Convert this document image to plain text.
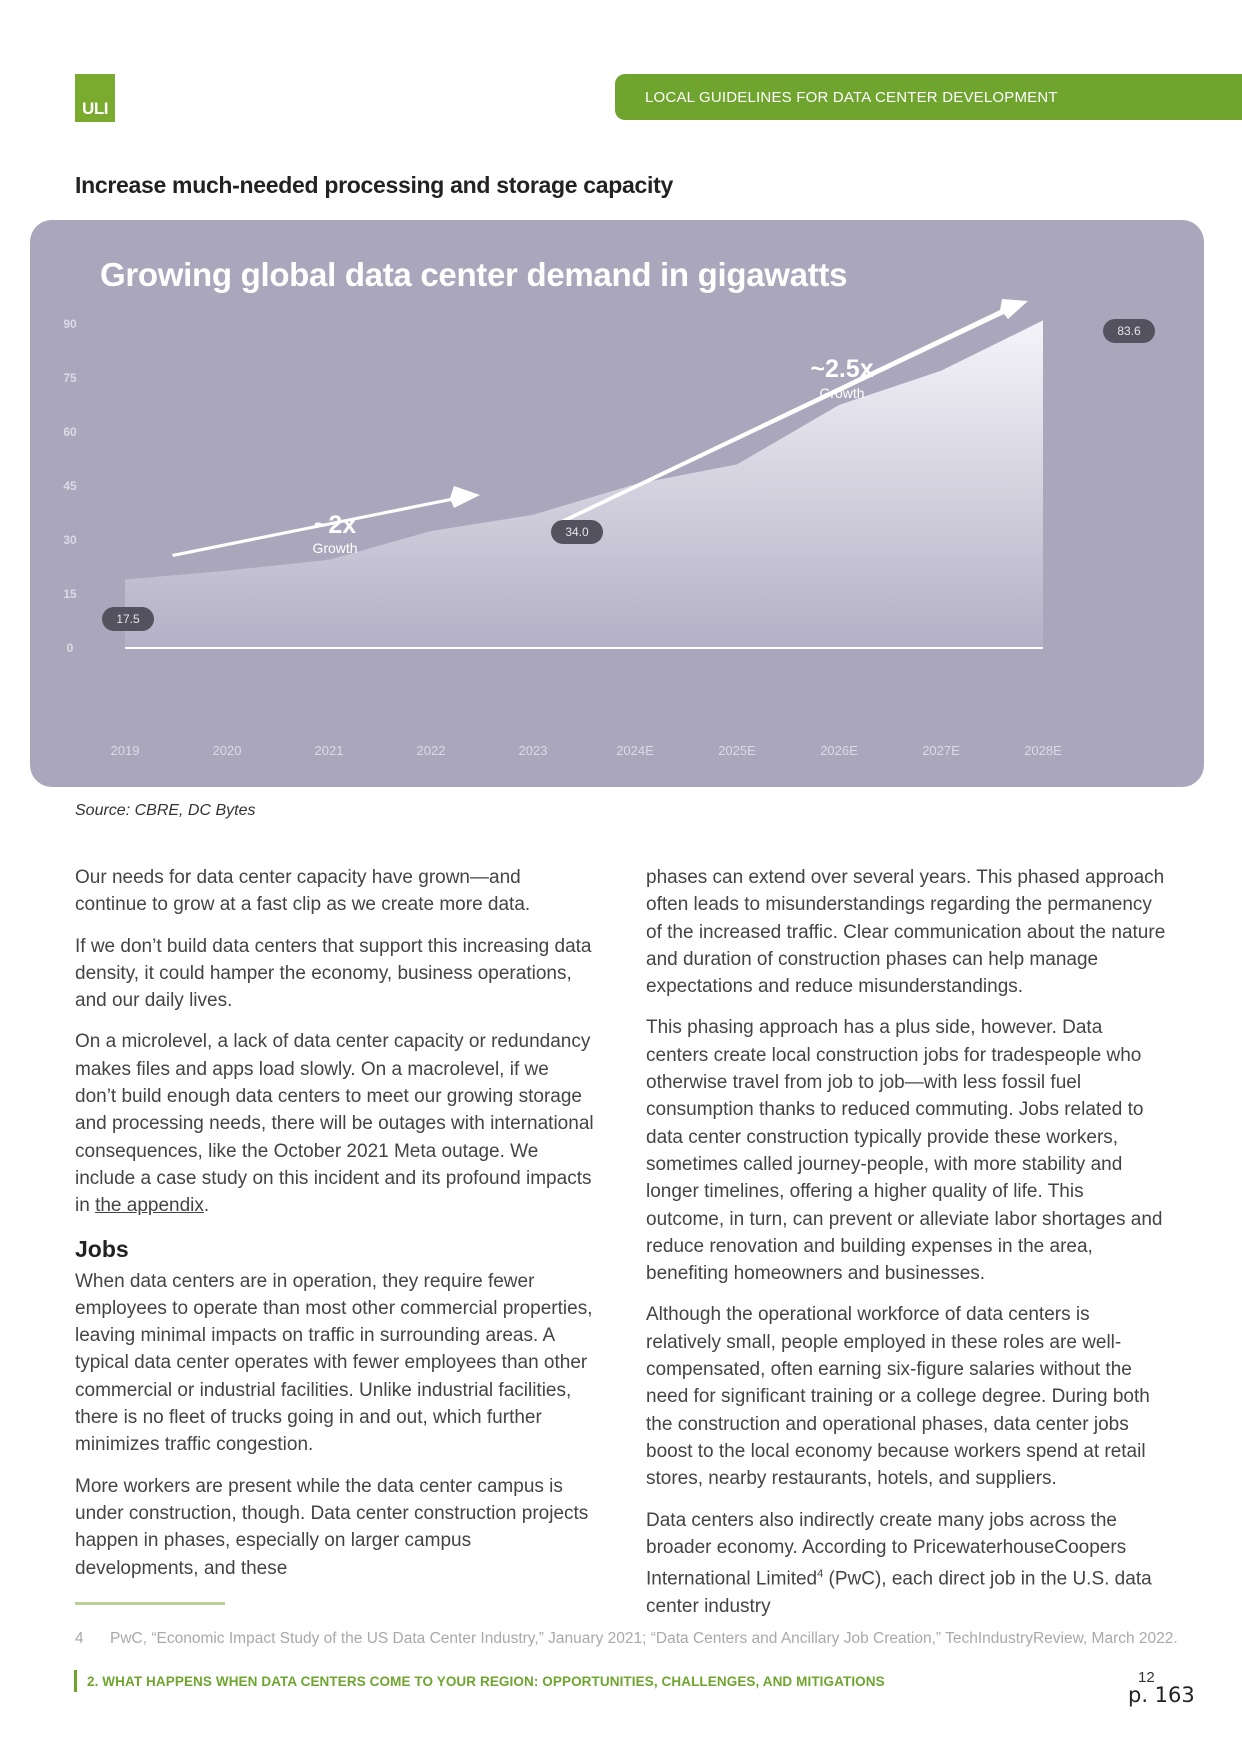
ULI
LOCAL GUIDELINES FOR DATA CENTER DEVELOPMENT
Increase much-needed processing and storage capacity
Growing global data center demand in gigawatts
0
15
30
45
60
75
90
2019	2020	2021	2022	2023	2024E	2025E	2026E	2027E	2028E
17.5
34.0
83.6
~2x
Growth
~2.5x
Growth
Source: CBRE, DC Bytes

Our needs for data center capacity have grown—and continue to grow at a fast clip as we create more data.

If we don’t build data centers that support this increasing data density, it could hamper the economy, business operations, and our daily lives.

On a microlevel, a lack of data center capacity or redundancy makes files and apps load slowly. On a macrolevel, if we don’t build enough data centers to meet our growing storage and processing needs, there will be outages with international consequences, like the October 2021 Meta outage. We include a case study on this incident and its profound impacts in the appendix.

Jobs

When data centers are in operation, they require fewer employees to operate than most other commercial properties, leaving minimal impacts on traffic in surrounding areas. A typical data center operates with fewer employees than other commercial or industrial facilities. Unlike industrial facilities, there is no fleet of trucks going in and out, which further minimizes traffic congestion.

More workers are present while the data center campus is under construction, though. Data center construction projects happen in phases, especially on larger campus developments, and these

phases can extend over several years. This phased approach often leads to misunderstandings regarding the permanency of the increased traffic. Clear communication about the nature and duration of construction phases can help manage expectations and reduce misunderstandings.

This phasing approach has a plus side, however. Data centers create local construction jobs for tradespeople who otherwise travel from job to job—with less fossil fuel consumption thanks to reduced commuting. Jobs related to data center construction typically provide these workers, sometimes called journey-people, with more stability and longer timelines, offering a higher quality of life. This outcome, in turn, can prevent or alleviate labor shortages and reduce renovation and building expenses in the area, benefiting homeowners and businesses.

Although the operational workforce of data centers is relatively small, people employed in these roles are well-compensated, often earning six-figure salaries without the need for significant training or a college degree. During both the construction and operational phases, data center jobs boost to the local economy because workers spend at retail stores, nearby restaurants, hotels, and suppliers.

Data centers also indirectly create many jobs across the broader economy. According to PricewaterhouseCoopers International Limited$^4$ (PwC), each direct job in the U.S. data center industry

4 PwC, “Economic Impact Study of the US Data Center Industry,” January 2021; “Data Centers and Ancillary Job Creation,” TechIndustryReview, March 2022.
2. WHAT HAPPENS WHEN DATA CENTERS COME TO YOUR REGION: OPPORTUNITIES, CHALLENGES, AND MITIGATIONS	12
p. 163
